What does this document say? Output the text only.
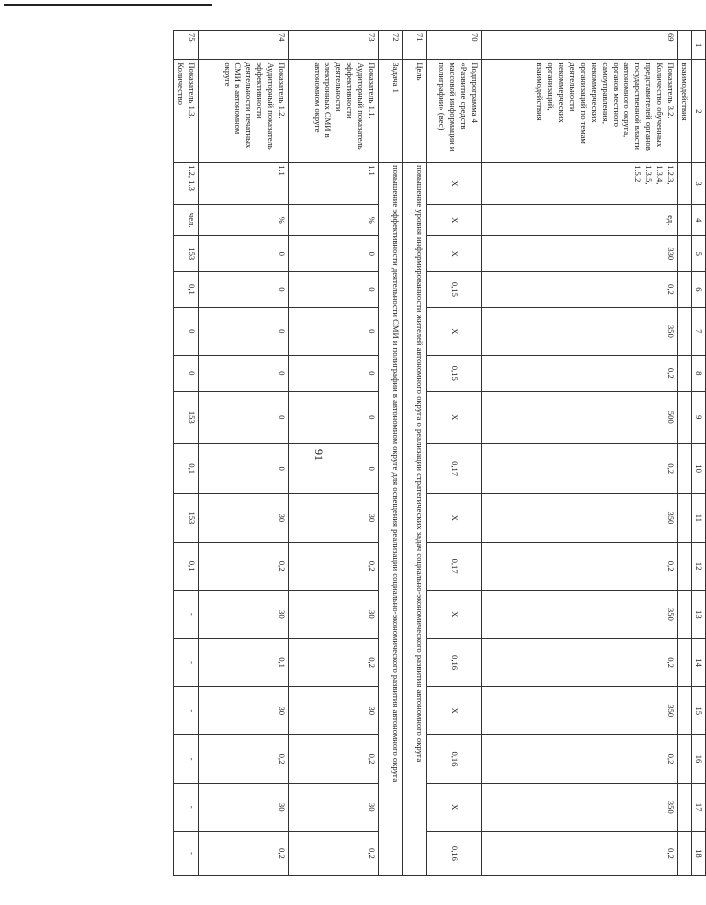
91
1	2	3	4	5	6	7	8	9	10	11	12	13	14	15	16	17	18
	взаимодействия																
69	Показатель 3.2. Количество обученных представителей органов государственной власти автономного округа, органов местного самоуправления, некоммерческих организаций по темам деятельности некоммерческих организаций, взаимодействия	1.2.3, 1.3.4, 1.3.5, 1.5.2	ед.	330	0,2	350	0,2	500	0,2	350	0,2	350	0,2	350	0,2	350	0,2
70	Подпрограмма 4 «Развитие средств массовой информации и полиграфии» (вес)	X	X	X	0,15	X	0,15	X	0,17	X	0,17	X	0,16	X	0,16	X	0,16
71	Цель	повышение уровня информированности жителей автономного округа о реализации стратегических задач социально-экономического развития автономного округа															
72	Задача 1	повышение эффективности деятельности СМИ и полиграфии в автономном округе для освещения реализации социально-экономического развития автономного округа															
73	Показатель 1.1. Аудиторный показатель эффективности деятельности электронных СМИ в автономном округе	1.1	%	0	0	0	0	0	0	30	0,2	30	0,2	30	0,2	30	0,2
74	Показатель 1.2. Аудиторный показатель эффективности деятельности печатных СМИ в автономном округе	1.1	%	0	0	0	0	0	0	30	0,2	30	0,1	30	0,2	30	0,2
75	Показатель 1.3. Количество	1.2, 1.3	чел.	153	0,1	0	0	153	0,1	153	0,1	-	-	-	-	-	-
